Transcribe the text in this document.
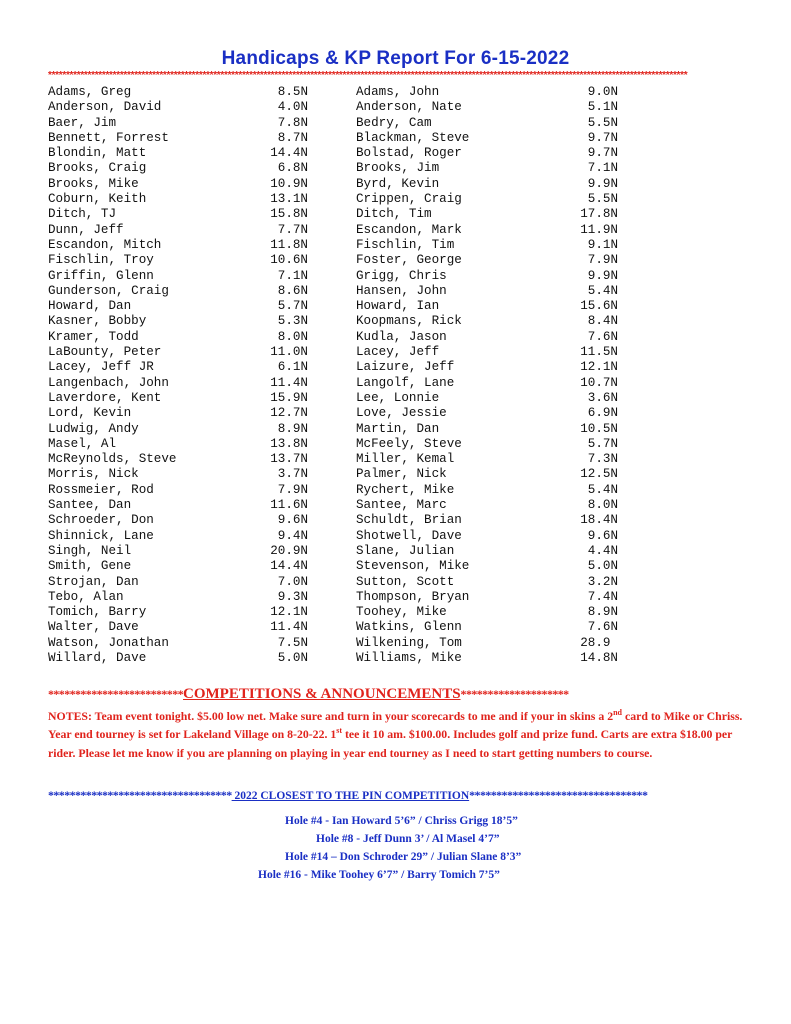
Handicaps & KP Report For 6-15-2022
**********************************************************************************************************************************************************************************
Adams, Greg	8.5N	Adams, John	9.0N
Anderson, David	4.0N	Anderson, Nate	5.1N
Baer, Jim	7.8N	Bedry, Cam	5.5N
Bennett, Forrest	8.7N	Blackman, Steve	9.7N
Blondin, Matt	14.4N	Bolstad, Roger	9.7N
Brooks, Craig	6.8N	Brooks, Jim	7.1N
Brooks, Mike	10.9N	Byrd, Kevin	9.9N
Coburn, Keith	13.1N	Crippen, Craig	5.5N
Ditch, TJ	15.8N	Ditch, Tim	17.8N
Dunn, Jeff	7.7N	Escandon, Mark	11.9N
Escandon, Mitch	11.8N	Fischlin, Tim	9.1N
Fischlin, Troy	10.6N	Foster, George	7.9N
Griffin, Glenn	7.1N	Grigg, Chris	9.9N
Gunderson, Craig	8.6N	Hansen, John	5.4N
Howard, Dan	5.7N	Howard, Ian	15.6N
Kasner, Bobby	5.3N	Koopmans, Rick	8.4N
Kramer, Todd	8.0N	Kudla, Jason	7.6N
LaBounty, Peter	11.0N	Lacey, Jeff	11.5N
Lacey, Jeff JR	6.1N	Laizure, Jeff	12.1N
Langenbach, John	11.4N	Langolf, Lane	10.7N
Laverdore, Kent	15.9N	Lee, Lonnie	3.6N
Lord, Kevin	12.7N	Love, Jessie	6.9N
Ludwig, Andy	8.9N	Martin, Dan	10.5N
Masel, Al	13.8N	McFeely, Steve	5.7N
McReynolds, Steve	13.7N	Miller, Kemal	7.3N
Morris, Nick	3.7N	Palmer, Nick	12.5N
Rossmeier, Rod	7.9N	Rychert, Mike	5.4N
Santee, Dan	11.6N	Santee, Marc	8.0N
Schroeder, Don	9.6N	Schuldt, Brian	18.4N
Shinnick, Lane	9.4N	Shotwell, Dave	9.6N
Singh, Neil	20.9N	Slane, Julian	4.4N
Smith, Gene	14.4N	Stevenson, Mike	5.0N
Strojan, Dan	7.0N	Sutton, Scott	3.2N
Tebo, Alan	9.3N	Thompson, Bryan	7.4N
Tomich, Barry	12.1N	Toohey, Mike	8.9N
Walter, Dave	11.4N	Watkins, Glenn	7.6N
Watson, Jonathan	7.5N	Wilkening, Tom	28.9
Willard, Dave	5.0N	Williams, Mike	14.8N
*************************COMPETITIONS & ANNOUNCEMENTS********************
NOTES: Team event tonight. $5.00 low net. Make sure and turn in your scorecards to me and if your in skins a 2nd card to Mike or Chriss. Year end tourney is set for Lakeland Village on 8-20-22. 1st tee it 10 am. $100.00. Includes golf and prize fund. Carts are extra $18.00 per rider. Please let me know if you are planning on playing in year end tourney as I need to start getting numbers to course.
********************************** 2022 CLOSEST TO THE PIN COMPETITION*********************************
Hole #4 - Ian Howard 5’6” / Chriss Grigg 18’5”
Hole #8 - Jeff Dunn 3’ / Al Masel 4’7”
Hole #14 – Don Schroder 29” / Julian Slane 8’3”
Hole #16 - Mike Toohey 6’7” / Barry Tomich 7’5”
